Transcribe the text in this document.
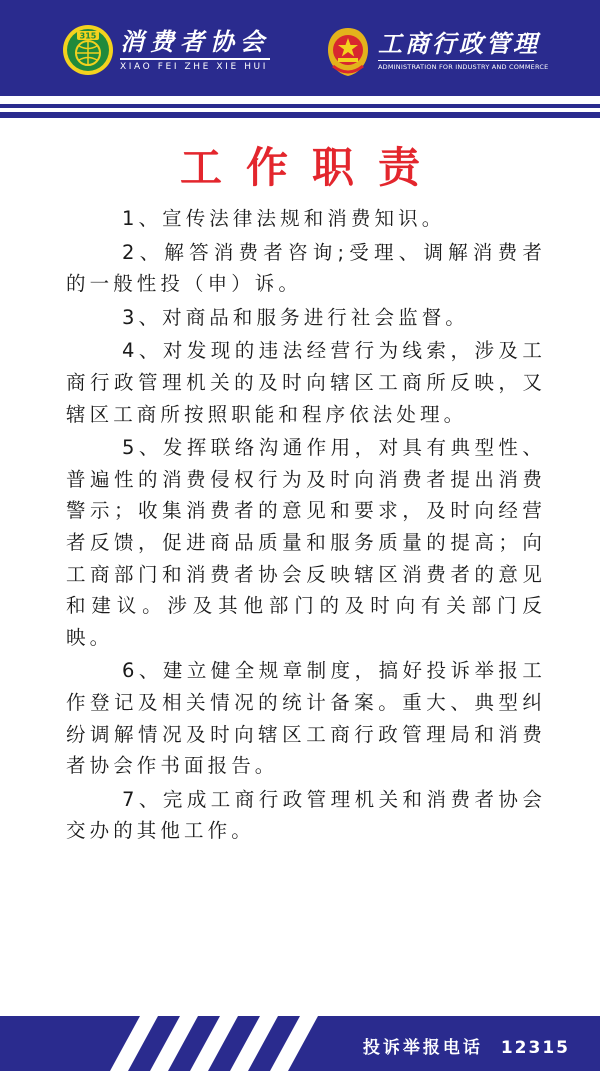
315 消费者协会
XIAO FEI ZHE XIE HUI
工商行政管理
ADMINISTRATION FOR INDUSTRY AND COMMERCE
工作职责

1、宣传法律法规和消费知识。

2、解答消费者咨询;受理、调解消费者的一般性投（申）诉。

3、对商品和服务进行社会监督。

4、对发现的违法经营行为线索，涉及工商行政管理机关的及时向辖区工商所反映，又辖区工商所按照职能和程序依法处理。

5、发挥联络沟通作用，对具有典型性、普遍性的消费侵权行为及时向消费者提出消费警示；收集消费者的意见和要求，及时向经营者反馈，促进商品质量和服务质量的提高；向工商部门和消费者协会反映辖区消费者的意见和建议。涉及其他部门的及时向有关部门反映。

6、建立健全规章制度，搞好投诉举报工作登记及相关情况的统计备案。重大、典型纠纷调解情况及时向辖区工商行政管理局和消费者协会作书面报告。

7、完成工商行政管理机关和消费者协会交办的其他工作。

投诉举报电话 12315
